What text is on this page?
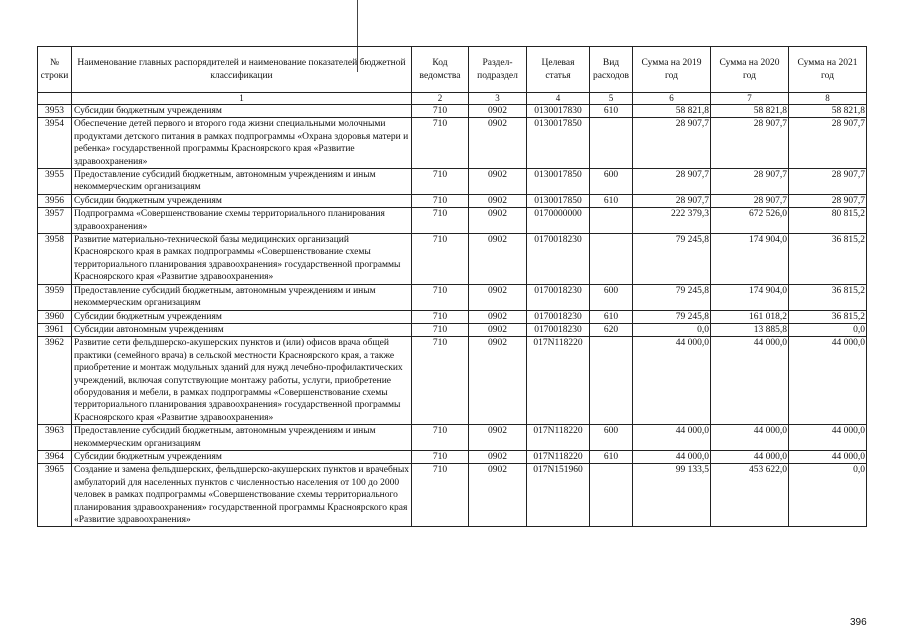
№ строки	Наименование главных распорядителей и наименование показателей бюджетной классификации	Код ведомства	Раздел-подраздел	Целевая статья	Вид расходов	Сумма на 2019 год	Сумма на 2020 год	Сумма на 2021 год
	1	2	3	4	5	6	7	8
3953	Субсидии бюджетным учреждениям	710	0902	0130017830	610	58 821,8	58 821,8	58 821,8
3954	Обеспечение детей первого и второго года жизни специальными молочными продуктами детского питания в рамках подпрограммы «Охрана здоровья матери и ребенка» государственной программы Красноярского края «Развитие здравоохранения»	710	0902	0130017850		28 907,7	28 907,7	28 907,7
3955	Предоставление субсидий бюджетным, автономным учреждениям и иным некоммерческим организациям	710	0902	0130017850	600	28 907,7	28 907,7	28 907,7
3956	Субсидии бюджетным учреждениям	710	0902	0130017850	610	28 907,7	28 907,7	28 907,7
3957	Подпрограмма «Совершенствование схемы территориального планирования здравоохранения»	710	0902	0170000000		222 379,3	672 526,0	80 815,2
3958	Развитие материально-технической базы медицинских организаций Красноярского края в рамках подпрограммы «Совершенствование схемы территориального планирования здравоохранения» государственной программы Красноярского края «Развитие здравоохранения»	710	0902	0170018230		79 245,8	174 904,0	36 815,2
3959	Предоставление субсидий бюджетным, автономным учреждениям и иным некоммерческим организациям	710	0902	0170018230	600	79 245,8	174 904,0	36 815,2
3960	Субсидии бюджетным учреждениям	710	0902	0170018230	610	79 245,8	161 018,2	36 815,2
3961	Субсидии автономным учреждениям	710	0902	0170018230	620	0,0	13 885,8	0,0
3962	Развитие сети фельдшерско-акушерских пунктов и (или) офисов врача общей практики (семейного врача) в сельской местности Красноярского края, а также приобретение и монтаж модульных зданий для нужд лечебно-профилактических учреждений, включая сопутствующие монтажу работы, услуги, приобретение оборудования и мебели, в рамках подпрограммы «Совершенствование схемы территориального планирования здравоохранения» государственной программы Красноярского края «Развитие здравоохранения»	710	0902	017N118220		44 000,0	44 000,0	44 000,0
3963	Предоставление субсидий бюджетным, автономным учреждениям и иным некоммерческим организациям	710	0902	017N118220	600	44 000,0	44 000,0	44 000,0
3964	Субсидии бюджетным учреждениям	710	0902	017N118220	610	44 000,0	44 000,0	44 000,0
3965	Создание и замена фельдшерских, фельдшерско-акушерских пунктов и врачебных амбулаторий для населенных пунктов с численностью населения от 100 до 2000 человек в рамках подпрограммы «Совершенствование схемы территориального планирования здравоохранения» государственной программы Красноярского края «Развитие здравоохранения»	710	0902	017N151960		99 133,5	453 622,0	0,0
396
